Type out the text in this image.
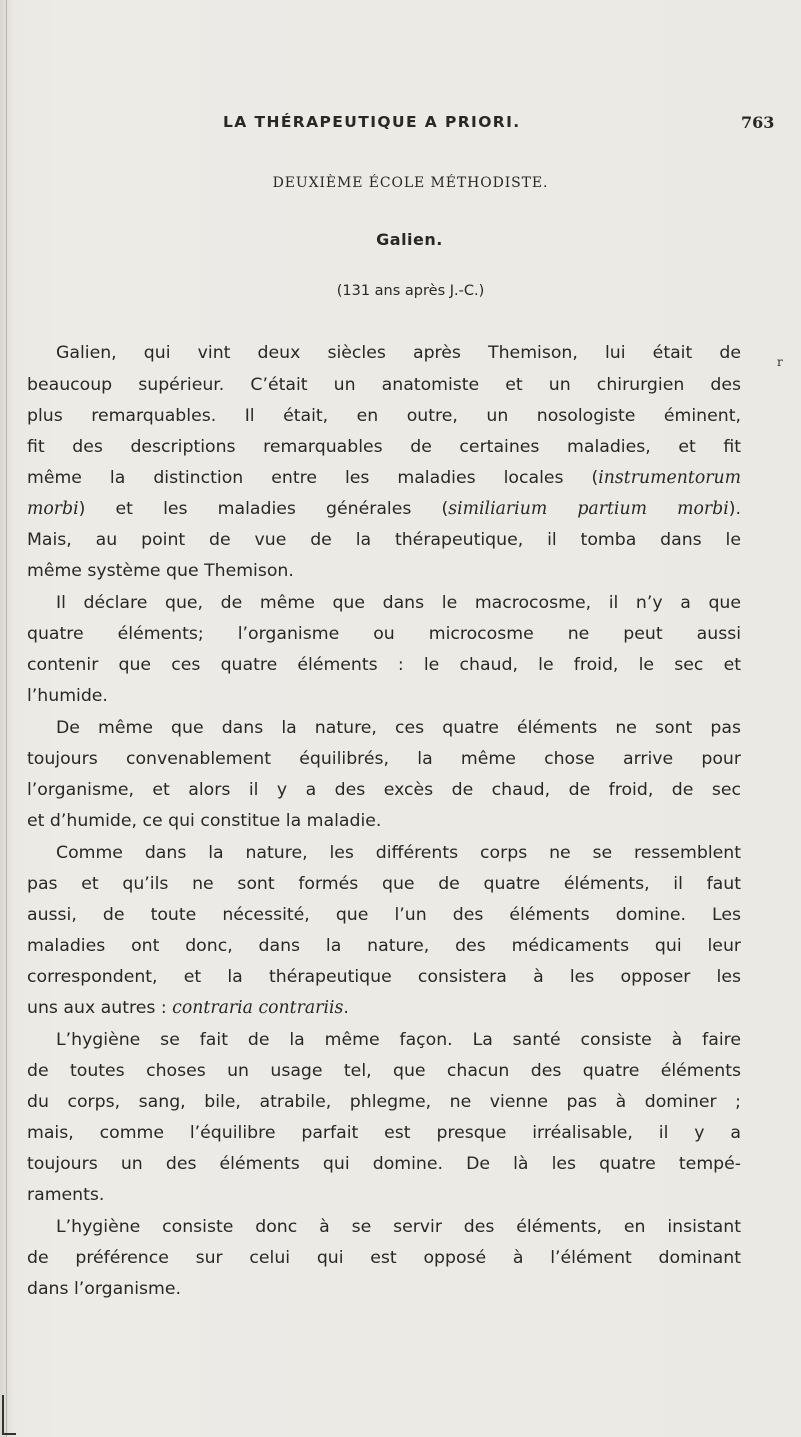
LA THÉRAPEUTIQUE A PRIORI.	763
DEUXIÈME ÉCOLE MÉTHODISTE.
Galien.
(131 ans après J.-C.)
r
Galien, qui vint deux siècles après Themison, lui était de
beaucoup supérieur. C’était un anatomiste et un chirurgien des
plus remarquables. Il était, en outre, un nosologiste éminent,
fit des descriptions remarquables de certaines maladies, et fit
même la distinction entre les maladies locales (instrumentorum
morbi) et les maladies générales (similiarium partium morbi).
Mais, au point de vue de la thérapeutique, il tomba dans le
même système que Themison.
Il déclare que, de même que dans le macrocosme, il n’y a que
quatre éléments; l’organisme ou microcosme ne peut aussi
contenir que ces quatre éléments : le chaud, le froid, le sec et
l’humide.
De même que dans la nature, ces quatre éléments ne sont pas
toujours convenablement équilibrés, la même chose arrive pour
l’organisme, et alors il y a des excès de chaud, de froid, de sec
et d’humide, ce qui constitue la maladie.
Comme dans la nature, les différents corps ne se ressemblent
pas et qu’ils ne sont formés que de quatre éléments, il faut
aussi, de toute nécessité, que l’un des éléments domine. Les
maladies ont donc, dans la nature, des médicaments qui leur
correspondent, et la thérapeutique consistera à les opposer les
uns aux autres : contraria contrariis.
L’hygiène se fait de la même façon. La santé consiste à faire
de toutes choses un usage tel, que chacun des quatre éléments
du corps, sang, bile, atrabile, phlegme, ne vienne pas à dominer ;
mais, comme l’équilibre parfait est presque irréalisable, il y a
toujours un des éléments qui domine. De là les quatre tempé-
raments.
L’hygiène consiste donc à se servir des éléments, en insistant
de préférence sur celui qui est opposé à l’élément dominant
dans l’organisme.
